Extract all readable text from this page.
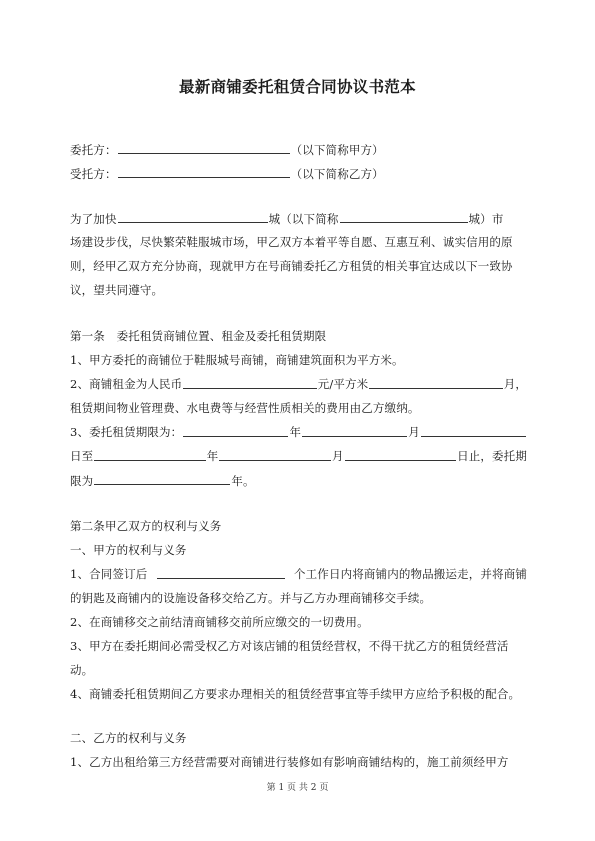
最新商铺委托租赁合同协议书范本
委托方：	（以下简称甲方）
受托方：	（以下简称乙方）
为了加快	城（以下简称	城）市
场建设步伐，尽快繁荣鞋服城市场，甲乙双方本着平等自愿、互惠互利、诚实信用的原
则，经甲乙双方充分协商，现就甲方在号商铺委托乙方租赁的相关事宜达成以下一致协
议，望共同遵守。
第一条　委托租赁商铺位置、租金及委托租赁期限
1、甲方委托的商铺位于鞋服城号商铺，商铺建筑面积为平方米。
2、商铺租金为人民币	元/平方米	月，
租赁期间物业管理费、水电费等与经营性质相关的费用由乙方缴纳。
3、委托租赁期限为：	年	月
日至	年	月	日止，委托期
限为	年。
第二条甲乙双方的权利与义务
一、甲方的权利与义务
1、合同签订后	个工作日内将商铺内的物品搬运走，并将商铺
的钥匙及商铺内的设施设备移交给乙方。并与乙方办理商铺移交手续。
2、在商铺移交之前结清商铺移交前所应缴交的一切费用。
3、甲方在委托期间必需受权乙方对该店铺的租赁经营权，不得干扰乙方的租赁经营活
动。
4、商铺委托租赁期间乙方要求办理相关的租赁经营事宜等手续甲方应给予积极的配合。
二、乙方的权利与义务
1、乙方出租给第三方经营需要对商铺进行装修如有影响商铺结构的，施工前须经甲方
第 1 页 共 2 页
